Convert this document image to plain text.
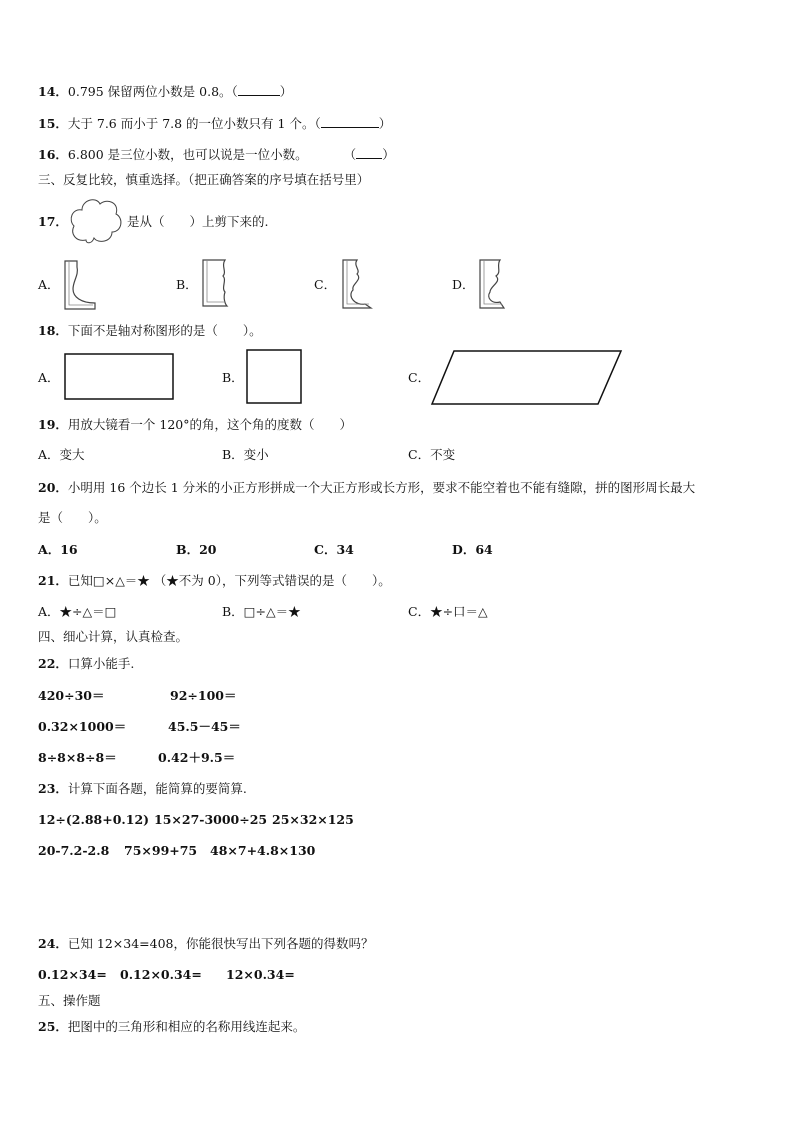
14．0.795 保留两位小数是 0.8。（	）
15．大于 7.6 而小于 7.8 的一位小数只有 1 个。（	）
16．6.800 是三位小数，也可以说是一位小数。	（ ）
三、反复比较，慎重选择。（把正确答案的序号填在括号里）
17．	是从（　　）上剪下来的.
A．	B．	C．	D．
18．下面不是轴对称图形的是（　　）。
A．	B．	C．
19．用放大镜看一个 120°的角，这个角的度数（　　）
A．变大	B．变小	C．不变
20．小明用 16 个边长 1 分米的小正方形拼成一个大正方形或长方形，要求不能空着也不能有缝隙，拼的图形周长最大
是（　　）。
A．16	B．20	C．34	D．64
21．已知□×△＝★ （★不为 0），下列等式错误的是（　　）。
A．★÷△＝□	B．□÷△＝★	C．★÷口＝△
四、细心计算，认真检查。
22．口算小能手.
420÷30＝	92÷100＝
0.32×1000＝	45.5－45＝
8÷8×8÷8＝	0.42＋9.5＝
23．计算下面各题，能简算的要简算.
12÷(2.88+0.12) 15×27-3000÷25 25×32×125
20-7.2-2.8 75×99+75 48×7+4.8×130
24．已知 12×34=408，你能很快写出下列各题的得数吗？
0.12×34= 0.12×0.34= 12×0.34=
五、操作题
25．把图中的三角形和相应的名称用线连起来。
